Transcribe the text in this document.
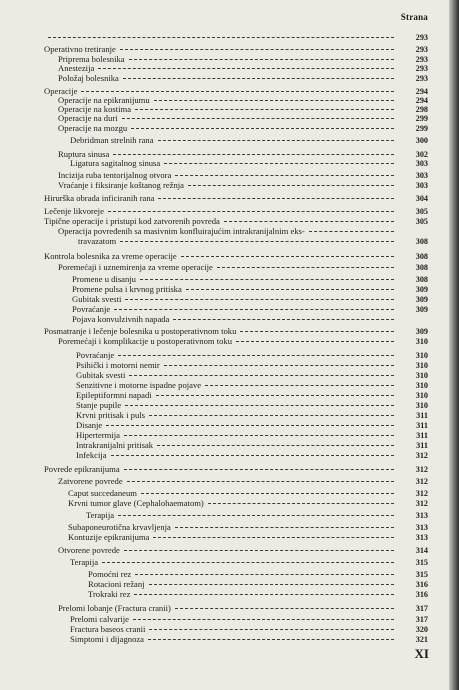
Strana
293
Operativno tretiranje	293
Priprema bolesnika	293
Anestezija	293
Položaj bolesnika	293
Operacije	294
Operacije na epikranijumu	294
Operacije na kostima	298
Operacije na duri	299
Operacije na mozgu	299
Debridman strelnih rana	300
Ruptura sinusa	302
Ligatura sagitalnog sinusa	303
Incizija ruba tentorijalnog otvora	303
Vraćanje i fiksiranje koštanog režnja	303
Hirurška obrada inficiranih rana	304
Lečenje likvoreje	305
Tipične operacije i pristupi kod zatvorenih povreda	305
Operacija povređenih sa masivnim konfluirajućim intrakranijalnim eks-
travazatom	308
Kontrola bolesnika za vreme operacije	308
Poremećaji i uznemirenja za vreme operacije	308
Promene u disanju	308
Promene pulsa i krvnog pritiska	309
Gubitak svesti	309
Povraćanje	309
Pojava konvulzivnih napada
Posmatranje i lečenje bolesnika u postoperativnom toku	309
Poremećaji i komplikacije u postoperativnom toku	310
Povraćanje	310
Psihički i motorni nemir	310
Gubitak svesti	310
Senzitivne i motorne ispadne pojave	310
Epileptiformni napadi	310
Stanje pupile	310
Krvni pritisak i puls	311
Disanje	311
Hipertermija	311
Intrakranijalni pritisak	311
Infekcija	312
Povrede epikranijuma	312
Zatvorene povrede	312
Caput succedaneum	312
Krvni tumor glave (Cephalohaematom)	312
Terapija	313
Subaponeurotična krvavljenja	313
Kontuzije epikranijuma	313
Otvorene povrede	314
Terapija	315
Pomoćni rez	315
Rotacioni režanj	316
Trokraki rez	316
Prelomi lobanje (Fractura cranii)	317
Prelomi calvarije	317
Fractura baseos cranii	320
Simptomi i dijagnoza	321
XI
